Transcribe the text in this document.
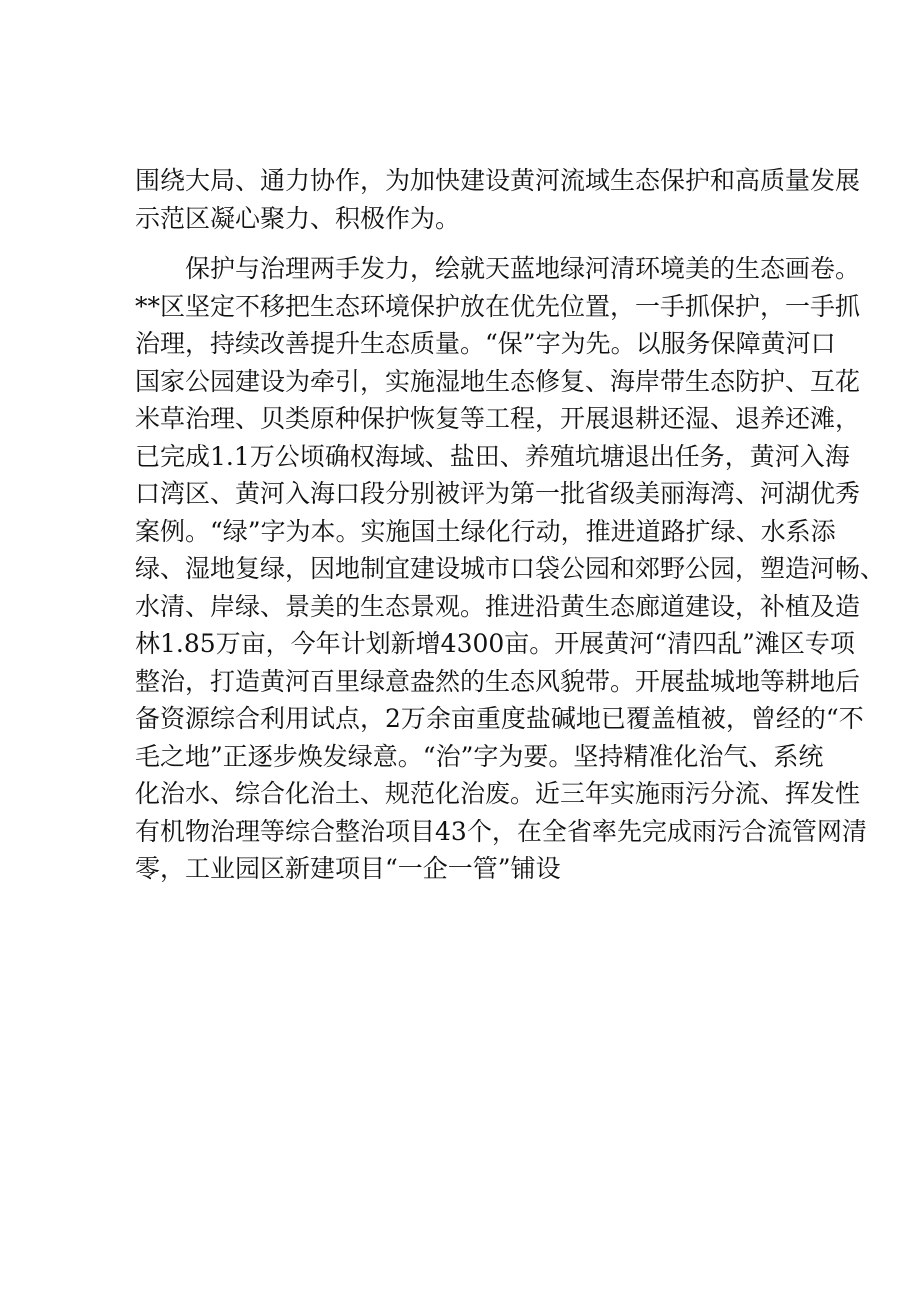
围绕大局、通力协作，为加快建设黄河流域生态保护和高质量发展
示范区凝心聚力、积极作为。
　　保护与治理两手发力，绘就天蓝地绿河清环境美的生态画卷。
**区坚定不移把生态环境保护放在优先位置，一手抓保护，一手抓
治理，持续改善提升生态质量。“保”字为先。以服务保障黄河口
国家公园建设为牵引，实施湿地生态修复、海岸带生态防护、互花
米草治理、贝类原种保护恢复等工程，开展退耕还湿、退养还滩，
已完成1.1万公顷确权海域、盐田、养殖坑塘退出任务，黄河入海
口湾区、黄河入海口段分别被评为第一批省级美丽海湾、河湖优秀
案例。“绿”字为本。实施国土绿化行动，推进道路扩绿、水系添
绿、湿地复绿，因地制宜建设城市口袋公园和郊野公园，塑造河畅、
水清、岸绿、景美的生态景观。推进沿黄生态廊道建设，补植及造
林1.85万亩，今年计划新增4300亩。开展黄河“清四乱”滩区专项
整治，打造黄河百里绿意盎然的生态风貌带。开展盐城地等耕地后
备资源综合利用试点，2万余亩重度盐碱地已覆盖植被，曾经的“不
毛之地”正逐步焕发绿意。“治”字为要。坚持精准化治气、系统
化治水、综合化治土、规范化治废。近三年实施雨污分流、挥发性
有机物治理等综合整治项目43个，在全省率先完成雨污合流管网清
零，工业园区新建项目“一企一管”铺设
